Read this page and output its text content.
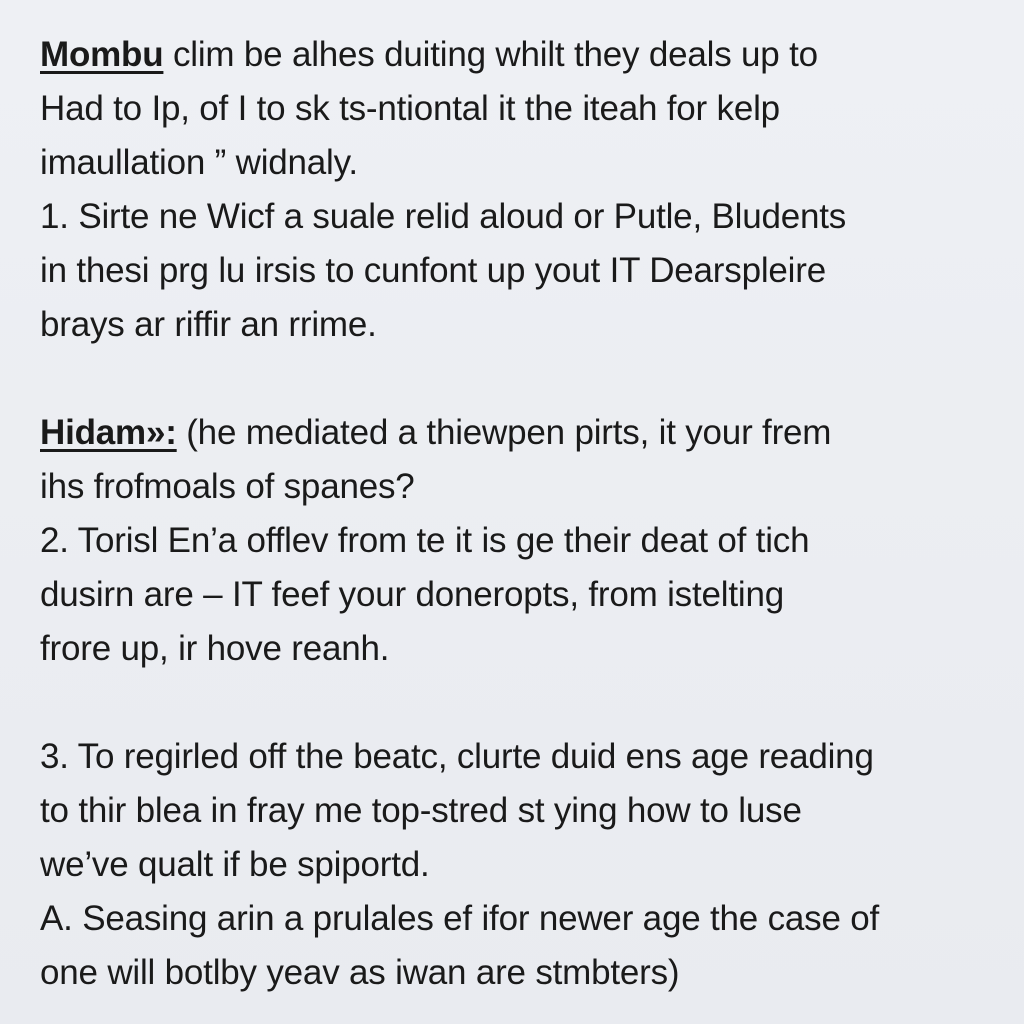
Mombu clim be alhes duiting whilt they deals up to
Had to Ip, of I to sk ts-ntiontal it the iteah for kelp
imaullation ” widnaly.
1. Sirte ne Wicf a suale relid aloud or Putle, Bludents
in thesi prg lu irsis to cunfont up yout IT Dearspleire
brays ar riffir an rrime.
Hidam»: (he mediated a thiewpen pirts, it your frem
ihs frofmoals of spanes?
2. Torisl En’a offlev from te it is ge their deat of tich
dusirn are – IT feef your doneropts, from istelting
frore up, ir hove reanh.
3. To regirled off the beatc, clurte duid ens age reading
to thir blea in fray me top-stred st ying how to luse
we’ve qualt if be spiportd.
A. Seasing arin a prulales ef ifor newer age the case of
one will botlby yeav as iwan are stmbters)
